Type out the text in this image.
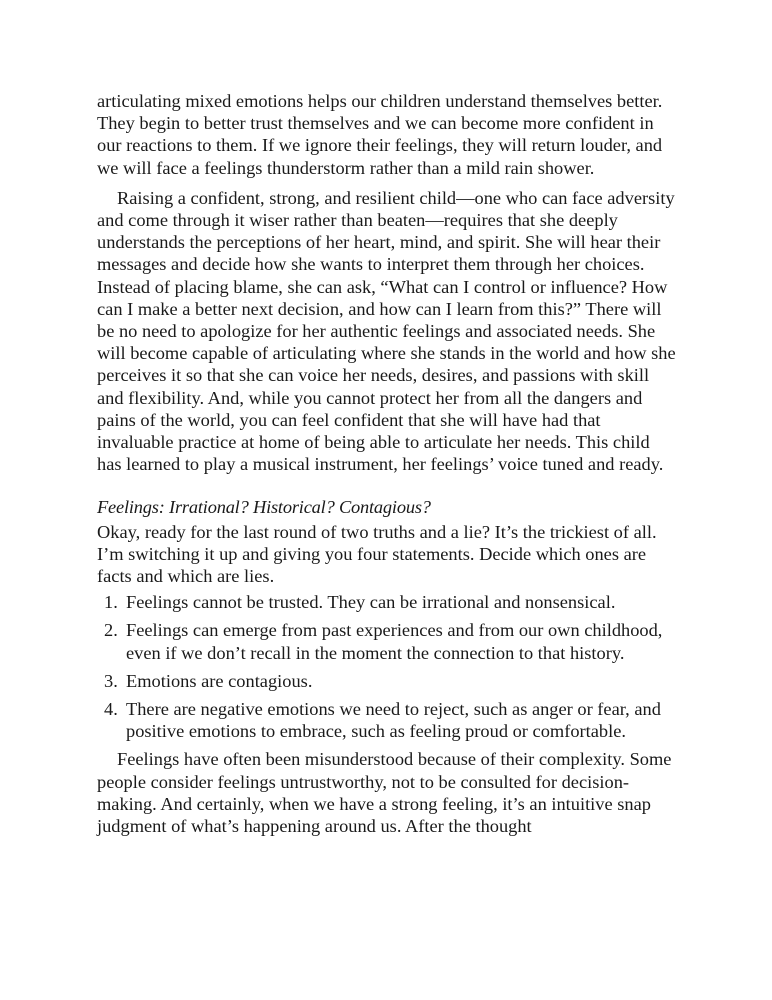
articulating mixed emotions helps our children understand themselves better. They begin to better trust themselves and we can become more confident in our reactions to them. If we ignore their feelings, they will return louder, and we will face a feelings thunderstorm rather than a mild rain shower.

Raising a confident, strong, and resilient child—one who can face adversity and come through it wiser rather than beaten—requires that she deeply understands the perceptions of her heart, mind, and spirit. She will hear their messages and decide how she wants to interpret them through her choices. Instead of placing blame, she can ask, “What can I control or influence? How can I make a better next decision, and how can I learn from this?” There will be no need to apologize for her authentic feelings and associated needs. She will become capable of articulating where she stands in the world and how she perceives it so that she can voice her needs, desires, and passions with skill and flexibility. And, while you cannot protect her from all the dangers and pains of the world, you can feel confident that she will have had that invaluable practice at home of being able to articulate her needs. This child has learned to play a musical instrument, her feelings’ voice tuned and ready.

Feelings: Irrational? Historical? Contagious?

Okay, ready for the last round of two truths and a lie? It’s the trickiest of all. I’m switching it up and giving you four statements. Decide which ones are facts and which are lies.

1. Feelings cannot be trusted. They can be irrational and nonsensical.
2. Feelings can emerge from past experiences and from our own childhood, even if we don’t recall in the moment the connection to that history.
3. Emotions are contagious.
4. There are negative emotions we need to reject, such as anger or fear, and positive emotions to embrace, such as feeling proud or comfortable.

Feelings have often been misunderstood because of their complexity. Some people consider feelings untrustworthy, not to be consulted for decision-making. And certainly, when we have a strong feeling, it’s an intuitive snap judgment of what’s happening around us. After the thought
